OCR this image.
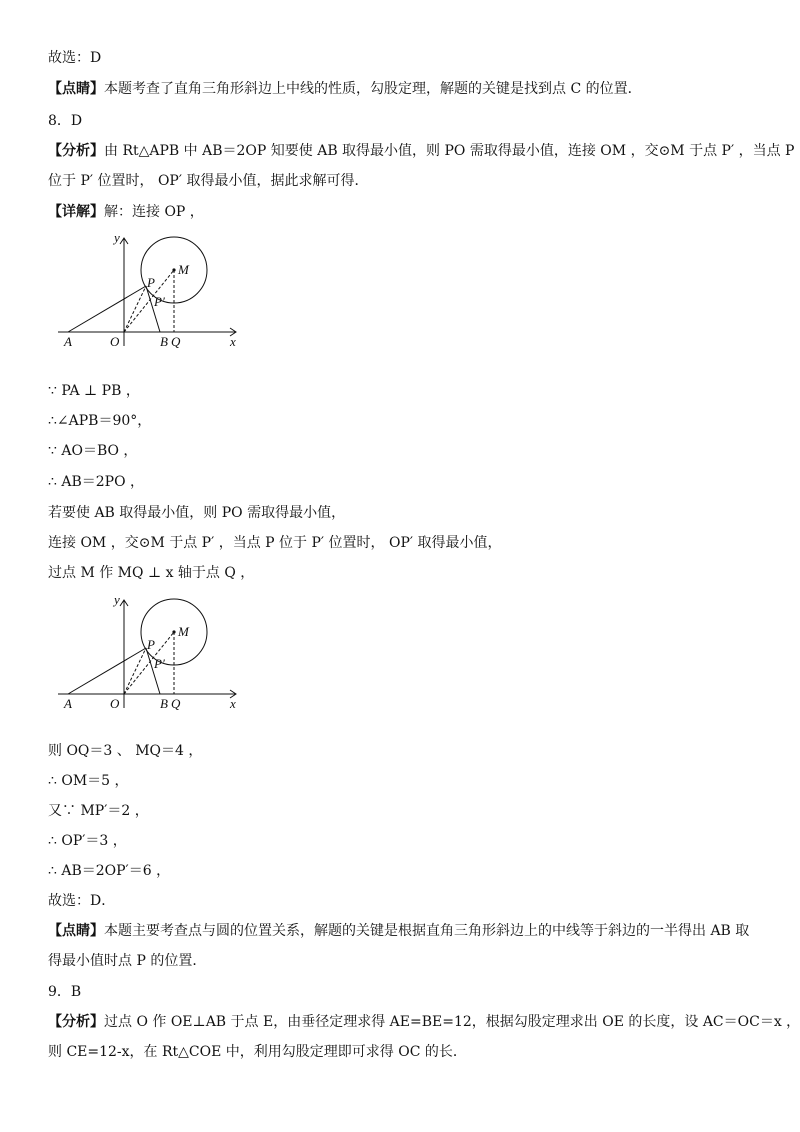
故选：D
【点睛】本题考查了直角三角形斜边上中线的性质，勾股定理，解题的关键是找到点 C 的位置．
8．D
【分析】由 Rt△APB 中 AB＝2OP 知要使 AB 取得最小值，则 PO 需取得最小值，连接 OM ，交⊙M 于点 P′ ，当点 P
位于 P′ 位置时， OP′ 取得最小值，据此求解可得．
【详解】解：连接 OP ，
y
x
A	O	B Q
P
P′
M
∵ PA ⊥ PB ，
∴∠APB＝90°，
∵ AO＝BO ，
∴ AB＝2PO ，
若要使 AB 取得最小值，则 PO 需取得最小值，
连接 OM ，交⊙M 于点 P′ ，当点 P 位于 P′ 位置时， OP′ 取得最小值，
过点 M 作 MQ ⊥ x 轴于点 Q ，
y
x
A	O	B Q
P
P′
M
则 OQ＝3 、 MQ＝4 ，
∴ OM＝5 ，
又∵ MP′＝2 ，
∴ OP′＝3 ，
∴ AB＝2OP′＝6 ，
故选：D．
【点睛】本题主要考查点与圆的位置关系，解题的关键是根据直角三角形斜边上的中线等于斜边的一半得出 AB 取
得最小值时点 P 的位置．
9．B
【分析】过点 O 作 OE⊥AB 于点 E，由垂径定理求得 AE=BE=12，根据勾股定理求出 OE 的长度，设 AC＝OC＝x ，
则 CE=12-x，在 Rt△COE 中，利用勾股定理即可求得 OC 的长．
